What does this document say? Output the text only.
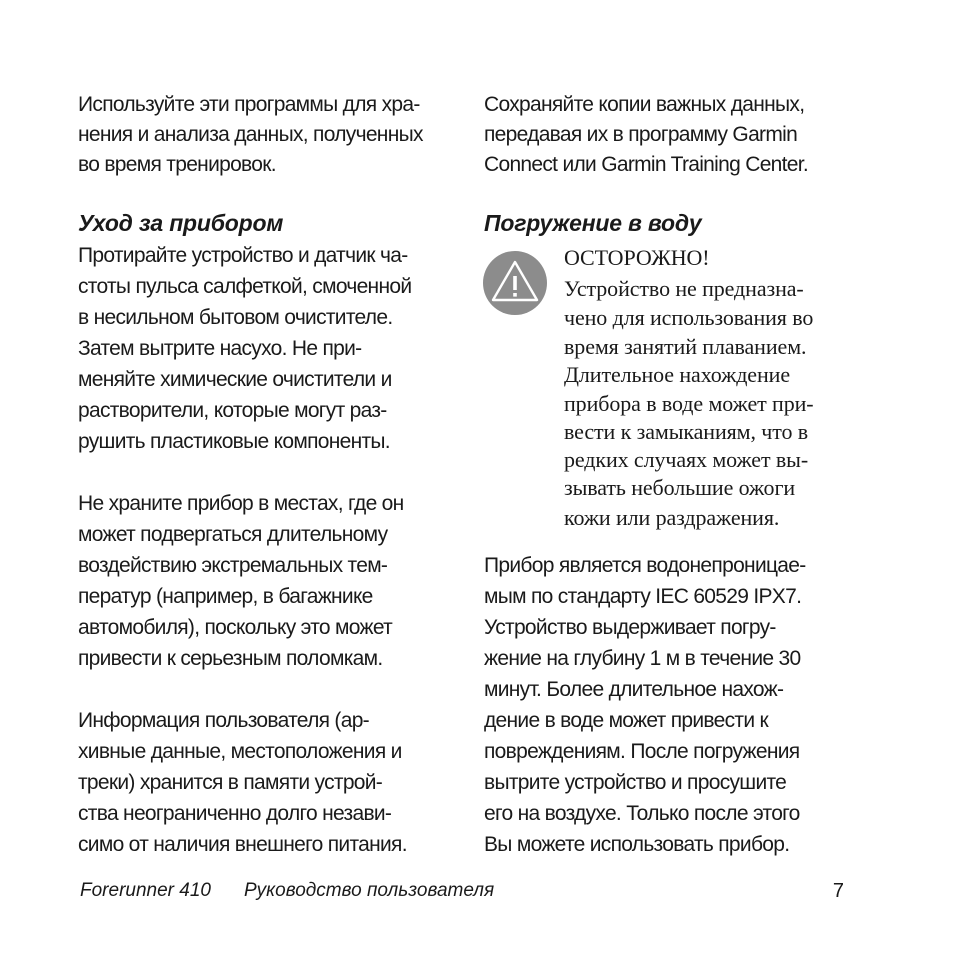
Используйте эти программы для хра-
нения и анализа данных, полученных
во время тренировок.
Уход за прибором
Протирайте устройство и датчик ча-
стоты пульса салфеткой, смоченной
в несильном бытовом очистителе.
Затем вытрите насухо. Не при-
меняйте химические очистители и
растворители, которые могут раз-
рушить пластиковые компоненты.
Не храните прибор в местах, где он
может подвергаться длительному
воздействию экстремальных тем-
ператур (например, в багажнике
автомобиля), поскольку это может
привести к серьезным поломкам.
Информация пользователя (ар-
хивные данные, местоположения и
треки) хранится в памяти устрой-
ства неограниченно долго незави-
симо от наличия внешнего питания.
Сохраняйте копии важных данных,
передавая их в программу Garmin
Connect или Garmin Training Center.
Погружение в воду
ОСТОРОЖНО!
Устройство не предназна-
чено для использования во
время занятий плаванием.
Длительное нахождение
прибора в воде может при-
вести к замыканиям, что в
редких случаях может вы-
зывать небольшие ожоги
кожи или раздражения.
Прибор является водонепроницае-
мым по стандарту IEC 60529 IPX7.
Устройство выдерживает погру-
жение на глубину 1 м в течение 30
минут. Более длительное нахож-
дение в воде может привести к
повреждениям. После погружения
вытрите устройство и просушите
его на воздухе. Только после этого
Вы можете использовать прибор.
Forerunner 410 Руководство пользователя	7
